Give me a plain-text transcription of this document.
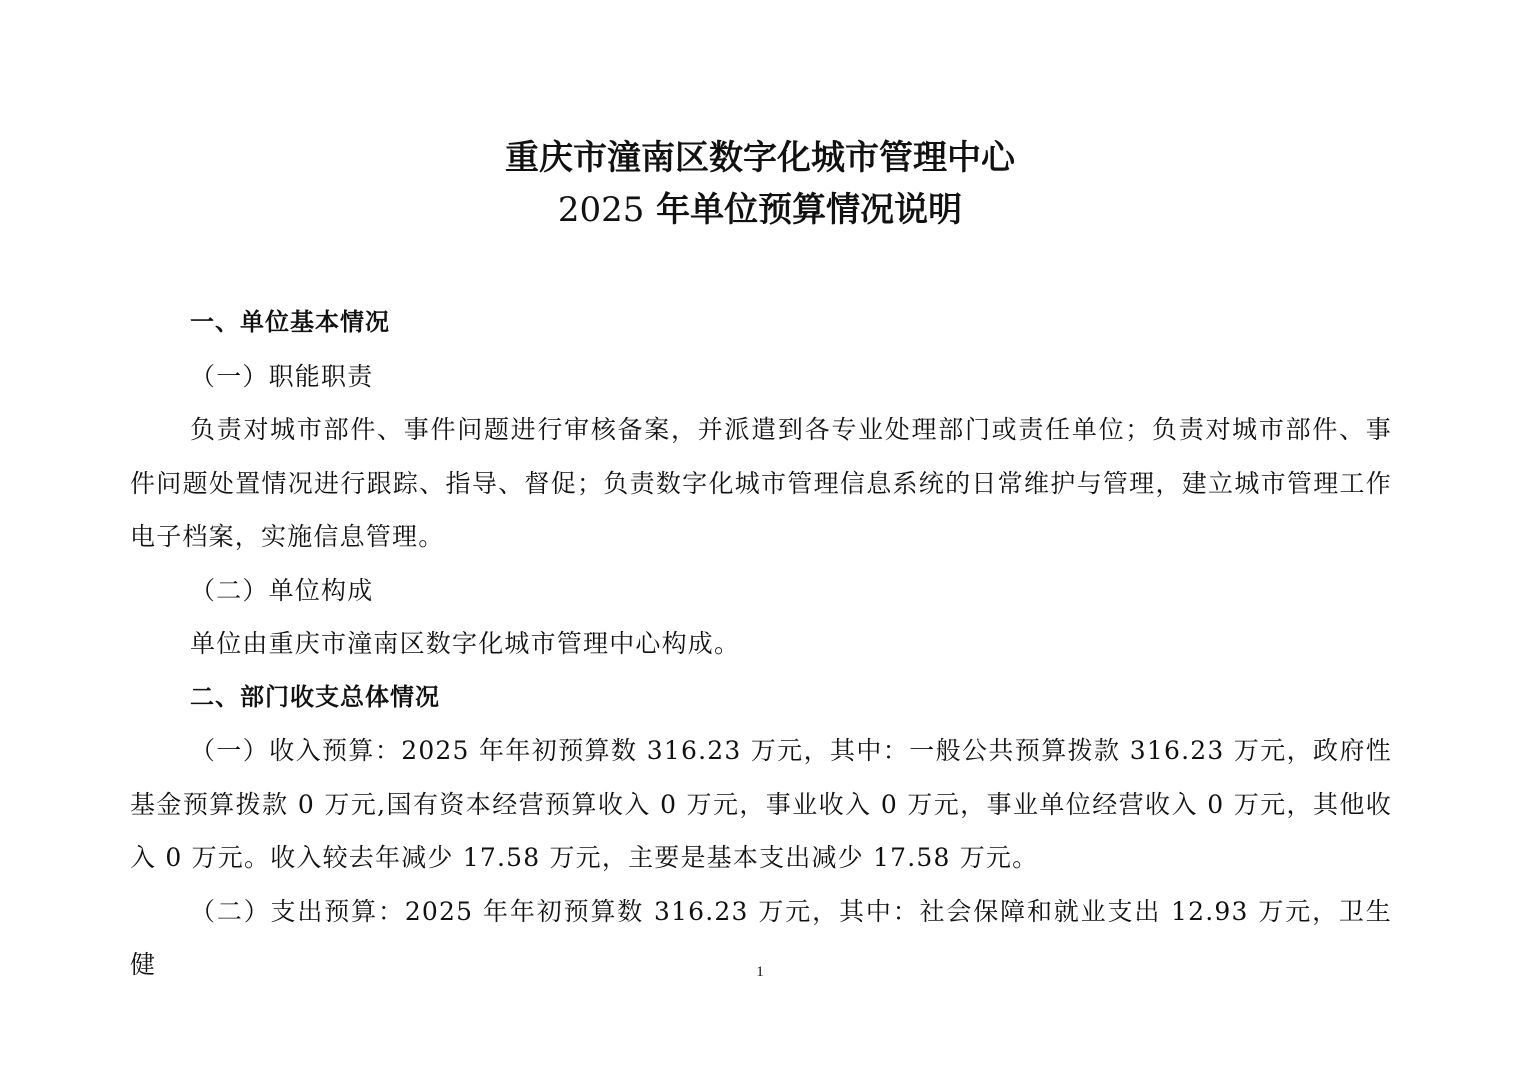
重庆市潼南区数字化城市管理中心
2025 年单位预算情况说明

一、单位基本情况

（一）职能职责

负责对城市部件、事件问题进行审核备案，并派遣到各专业处理部门或责任单位；负责对城市部件、事件问题处置情况进行跟踪、指导、督促；负责数字化城市管理信息系统的日常维护与管理，建立城市管理工作电子档案，实施信息管理。

（二）单位构成

单位由重庆市潼南区数字化城市管理中心构成。

二、部门收支总体情况

（一）收入预算：2025 年年初预算数 316.23 万元，其中：一般公共预算拨款 316.23 万元，政府性基金预算拨款 0 万元,国有资本经营预算收入 0 万元，事业收入 0 万元，事业单位经营收入 0 万元，其他收入 0 万元。收入较去年减少 17.58 万元，主要是基本支出减少 17.58 万元。

（二）支出预算：2025 年年初预算数 316.23 万元，其中：社会保障和就业支出 12.93 万元，卫生健	1
